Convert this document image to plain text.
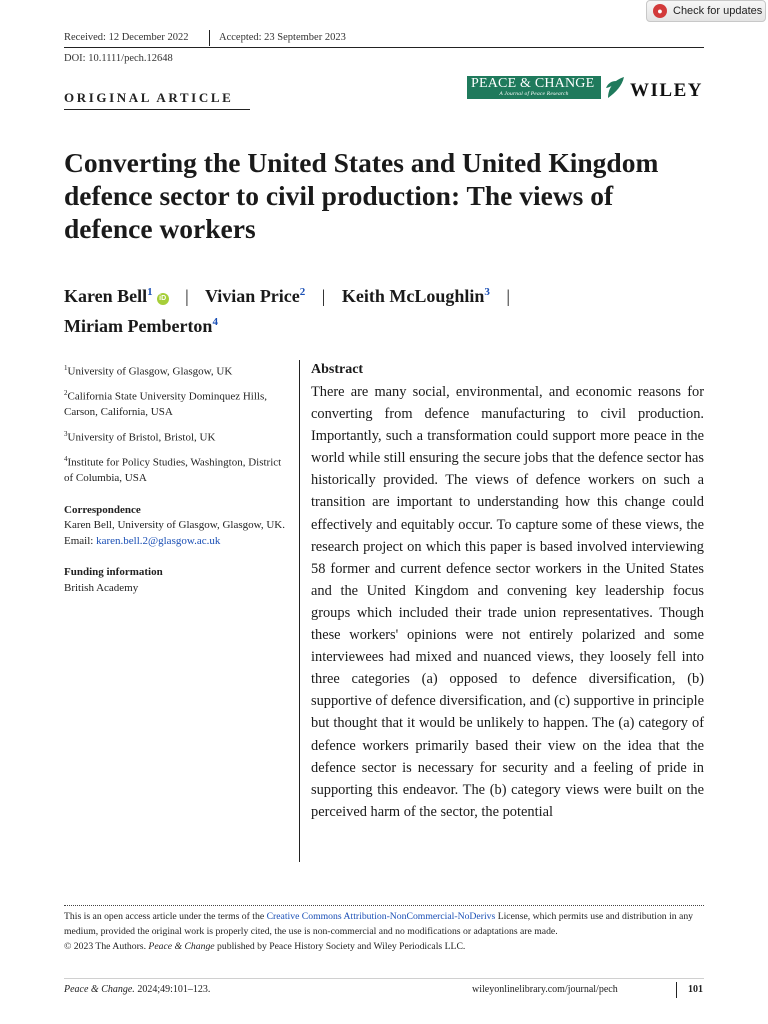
● Check for updates
Received: 12 December 2022	Accepted: 23 September 2023
DOI: 10.1111/pech.12648
PEACE & CHANGE
A Journal of Peace Research	WILEY
ORIGINAL ARTICLE
Converting the United States and United Kingdom defence sector to civil production: The views of defence workers
Karen Bell$^1$iD | Vivian Price$^2$ | Keith McLoughlin$^3$ |
Miriam Pemberton$^4$

$^1$University of Glasgow, Glasgow, UK

$^2$California State University Dominquez Hills, Carson, California, USA

$^3$University of Bristol, Bristol, UK

$^4$Institute for Policy Studies, Washington, District of Columbia, USA

Correspondence
Karen Bell, University of Glasgow, Glasgow, UK.
Email: karen.bell.2@glasgow.ac.uk
Funding information
British Academy
Abstract

There are many social, environmental, and economic reasons for converting from defence manufacturing to civil production. Importantly, such a transformation could support more peace in the world while still ensuring the secure jobs that the defence sector has historically provided. The views of defence workers on such a transition are important to understanding how this change could effectively and equitably occur. To capture some of these views, the research project on which this paper is based involved interviewing 58 former and current defence sector workers in the United States and the United Kingdom and convening key leadership focus groups which included their trade union representatives. Though these workers' opinions were not entirely polarized and some interviewees had mixed and nuanced views, they loosely fell into three categories (a) opposed to defence diversification, (b) supportive of defence diversification, and (c) supportive in principle but thought that it would be unlikely to happen. The (a) category of defence workers primarily based their view on the idea that the defence sector is necessary for security and a feeling of pride in supporting this endeavor. The (b) category views were built on the perceived harm of the sector, the potential

This is an open access article under the terms of the Creative Commons Attribution-NonCommercial-NoDerivs License, which permits use and distribution in any medium, provided the original work is properly cited, the use is non-commercial and no modifications or adaptations are made.

© 2023 The Authors. Peace & Change published by Peace History Society and Wiley Periodicals LLC.

Peace & Change. 2024;49:101–123.	wileyonlinelibrary.com/journal/pech	101
